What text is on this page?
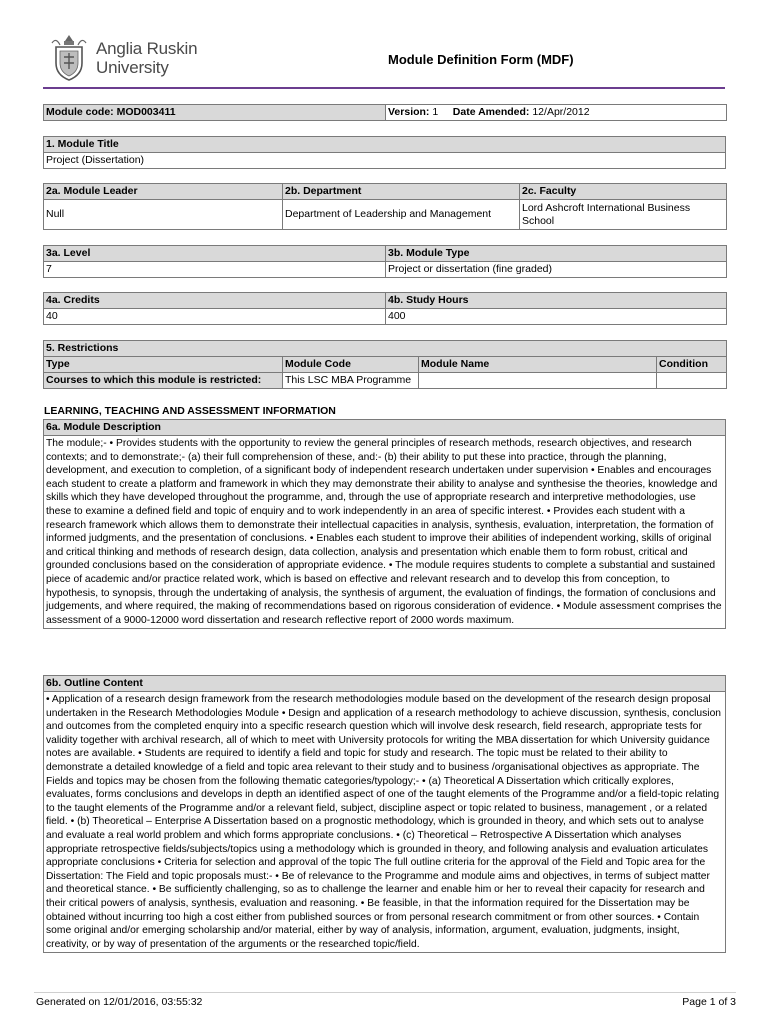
Anglia Ruskin
University	Module Definition Form (MDF)
Module code: MOD003411	Version: 1 Date Amended: 12/Apr/2012
1. Module Title
Project (Dissertation)
2a. Module Leader	2b. Department	2c. Faculty
Null	Department of Leadership and Management	Lord Ashcroft International Business School
3a. Level	3b. Module Type
7	Project or dissertation (fine graded)
4a. Credits	4b. Study Hours
40	400
5. Restrictions			
Type	Module Code	Module Name	Condition
Courses to which this module is restricted:	This LSC MBA Programme		
LEARNING, TEACHING AND ASSESSMENT INFORMATION
6a. Module Description
The module;- • Provides students with the opportunity to review the general principles of research methods, research objectives, and research contexts; and to demonstrate;- (a) their full comprehension of these, and:- (b) their ability to put these into practice, through the planning, development, and execution to completion, of a significant body of independent research undertaken under supervision • Enables and encourages each student to create a platform and framework in which they may demonstrate their ability to analyse and synthesise the theories, knowledge and skills which they have developed throughout the programme, and, through the use of appropriate research and interpretive methodologies, use these to examine a defined field and topic of enquiry and to work independently in an area of specific interest. • Provides each student with a research framework which allows them to demonstrate their intellectual capacities in analysis, synthesis, evaluation, interpretation, the formation of informed judgments, and the presentation of conclusions. • Enables each student to improve their abilities of independent working, skills of original and critical thinking and methods of research design, data collection, analysis and presentation which enable them to form robust, critical and grounded conclusions based on the consideration of appropriate evidence. • The module requires students to complete a substantial and sustained piece of academic and/or practice related work, which is based on effective and relevant research and to develop this from conception, to hypothesis, to synopsis, through the undertaking of analysis, the synthesis of argument, the evaluation of findings, the formation of conclusions and judgements, and where required, the making of recommendations based on rigorous consideration of evidence. • Module assessment comprises the assessment of a 9000-12000 word dissertation and research reflective report of 2000 words maximum.
6b. Outline Content
• Application of a research design framework from the research methodologies module based on the development of the research design proposal undertaken in the Research Methodologies Module • Design and application of a research methodology to achieve discussion, synthesis, conclusion and outcomes from the completed enquiry into a specific research question which will involve desk research, field research, appropriate tests for validity together with archival research, all of which to meet with University protocols for writing the MBA dissertation for which University guidance notes are available. • Students are required to identify a field and topic for study and research. The topic must be related to their ability to demonstrate a detailed knowledge of a field and topic area relevant to their study and to business /organisational objectives as appropriate. The Fields and topics may be chosen from the following thematic categories/typology;- • (a) Theoretical A Dissertation which critically explores, evaluates, forms conclusions and develops in depth an identified aspect of one of the taught elements of the Programme and/or a field-topic relating to the taught elements of the Programme and/or a relevant field, subject, discipline aspect or topic related to business, management , or a related field. • (b) Theoretical – Enterprise A Dissertation based on a prognostic methodology, which is grounded in theory, and which sets out to analyse and evaluate a real world problem and which forms appropriate conclusions. • (c) Theoretical – Retrospective A Dissertation which analyses appropriate retrospective fields/subjects/topics using a methodology which is grounded in theory, and following analysis and evaluation articulates appropriate conclusions • Criteria for selection and approval of the topic The full outline criteria for the approval of the Field and Topic area for the Dissertation: The Field and topic proposals must:- • Be of relevance to the Programme and module aims and objectives, in terms of subject matter and theoretical stance. • Be sufficiently challenging, so as to challenge the learner and enable him or her to reveal their capacity for research and their critical powers of analysis, synthesis, evaluation and reasoning. • Be feasible, in that the information required for the Dissertation may be obtained without incurring too high a cost either from published sources or from personal research commitment or from other sources. • Contain some original and/or emerging scholarship and/or material, either by way of analysis, information, argument, evaluation, judgments, insight, creativity, or by way of presentation of the arguments or the researched topic/field.
Generated on 12/01/2016, 03:55:32	Page 1 of 3
